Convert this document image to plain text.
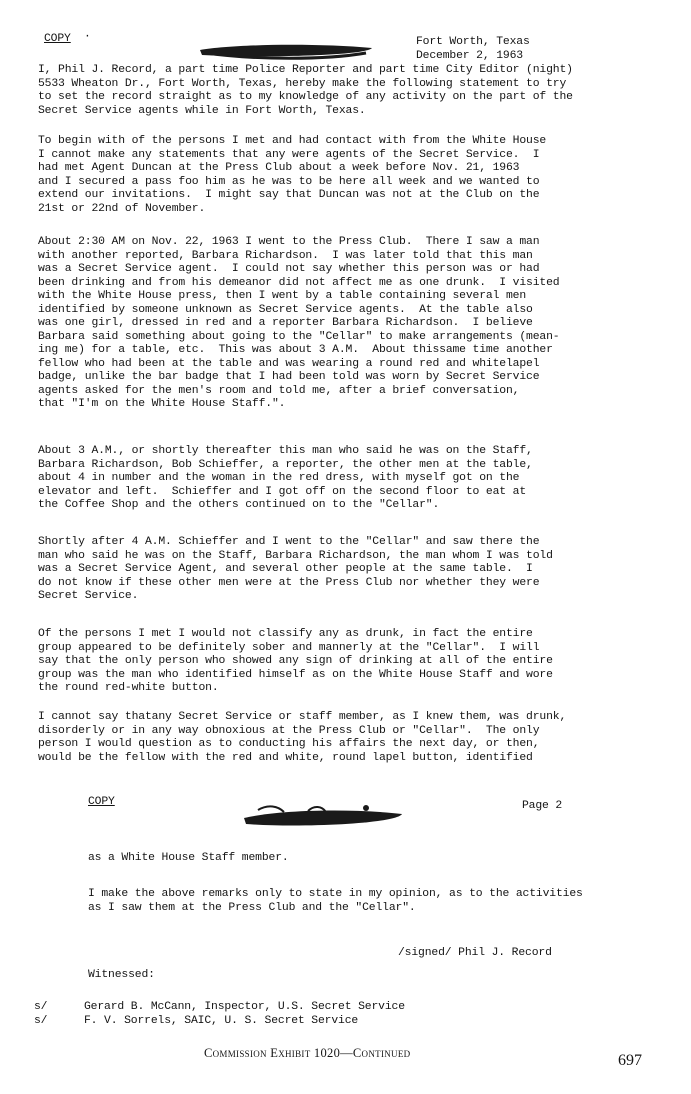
COPY ·	Fort Worth, Texas
December 2, 1963
I, Phil J. Record, a part time Police Reporter and part time City Editor (night)
5533 Wheaton Dr., Fort Worth, Texas, hereby make the following statement to try
to set the record straight as to my knowledge of any activity on the part of the
Secret Service agents while in Fort Worth, Texas.
To begin with of the persons I met and had contact with from the White House
I cannot make any statements that any were agents of the Secret Service.  I
had met Agent Duncan at the Press Club about a week before Nov. 21, 1963
and I secured a pass foo him as he was to be here all week and we wanted to
extend our invitations.  I might say that Duncan was not at the Club on the
21st or 22nd of November.
About 2:30 AM on Nov. 22, 1963 I went to the Press Club.  There I saw a man
with another reported, Barbara Richardson.  I was later told that this man
was a Secret Service agent.  I could not say whether this person was or had
been drinking and from his demeanor did not affect me as one drunk.  I visited
with the White House press, then I went by a table containing several men
identified by someone unknown as Secret Service agents.  At the table also
was one girl, dressed in red and a reporter Barbara Richardson.  I believe
Barbara said something about going to the "Cellar" to make arrangements (mean-
ing me) for a table, etc.  This was about 3 A.M.  About thissame time another
fellow who had been at the table and was wearing a round red and whitelapel
badge, unlike the bar badge that I had been told was worn by Secret Service
agents asked for the men's room and told me, after a brief conversation,
that "I'm on the White House Staff.".
About 3 A.M., or shortly thereafter this man who said he was on the Staff,
Barbara Richardson, Bob Schieffer, a reporter, the other men at the table,
about 4 in number and the woman in the red dress, with myself got on the
elevator and left.  Schieffer and I got off on the second floor to eat at
the Coffee Shop and the others continued on to the "Cellar".
Shortly after 4 A.M. Schieffer and I went to the "Cellar" and saw there the
man who said he was on the Staff, Barbara Richardson, the man whom I was told
was a Secret Service Agent, and several other people at the same table.  I
do not know if these other men were at the Press Club nor whether they were
Secret Service.
Of the persons I met I would not classify any as drunk, in fact the entire
group appeared to be definitely sober and mannerly at the "Cellar".  I will
say that the only person who showed any sign of drinking at all of the entire
group was the man who identified himself as on the White House Staff and wore
the round red-white button.
I cannot say thatany Secret Service or staff member, as I knew them, was drunk,
disorderly or in any way obnoxious at the Press Club or "Cellar".  The only
person I would question as to conducting his affairs the next day, or then,
would be the fellow with the red and white, round lapel button, identified
COPY	Page 2
as a White House Staff member.
I make the above remarks only to state in my opinion, as to the activities
as I saw them at the Press Club and the "Cellar".
/signed/ Phil J. Record
Witnessed:
s/	Gerard B. McCann, Inspector, U.S. Secret Service
s/	F. V. Sorrels, SAIC, U. S. Secret Service
Commission Exhibit 1020—Continued	697
